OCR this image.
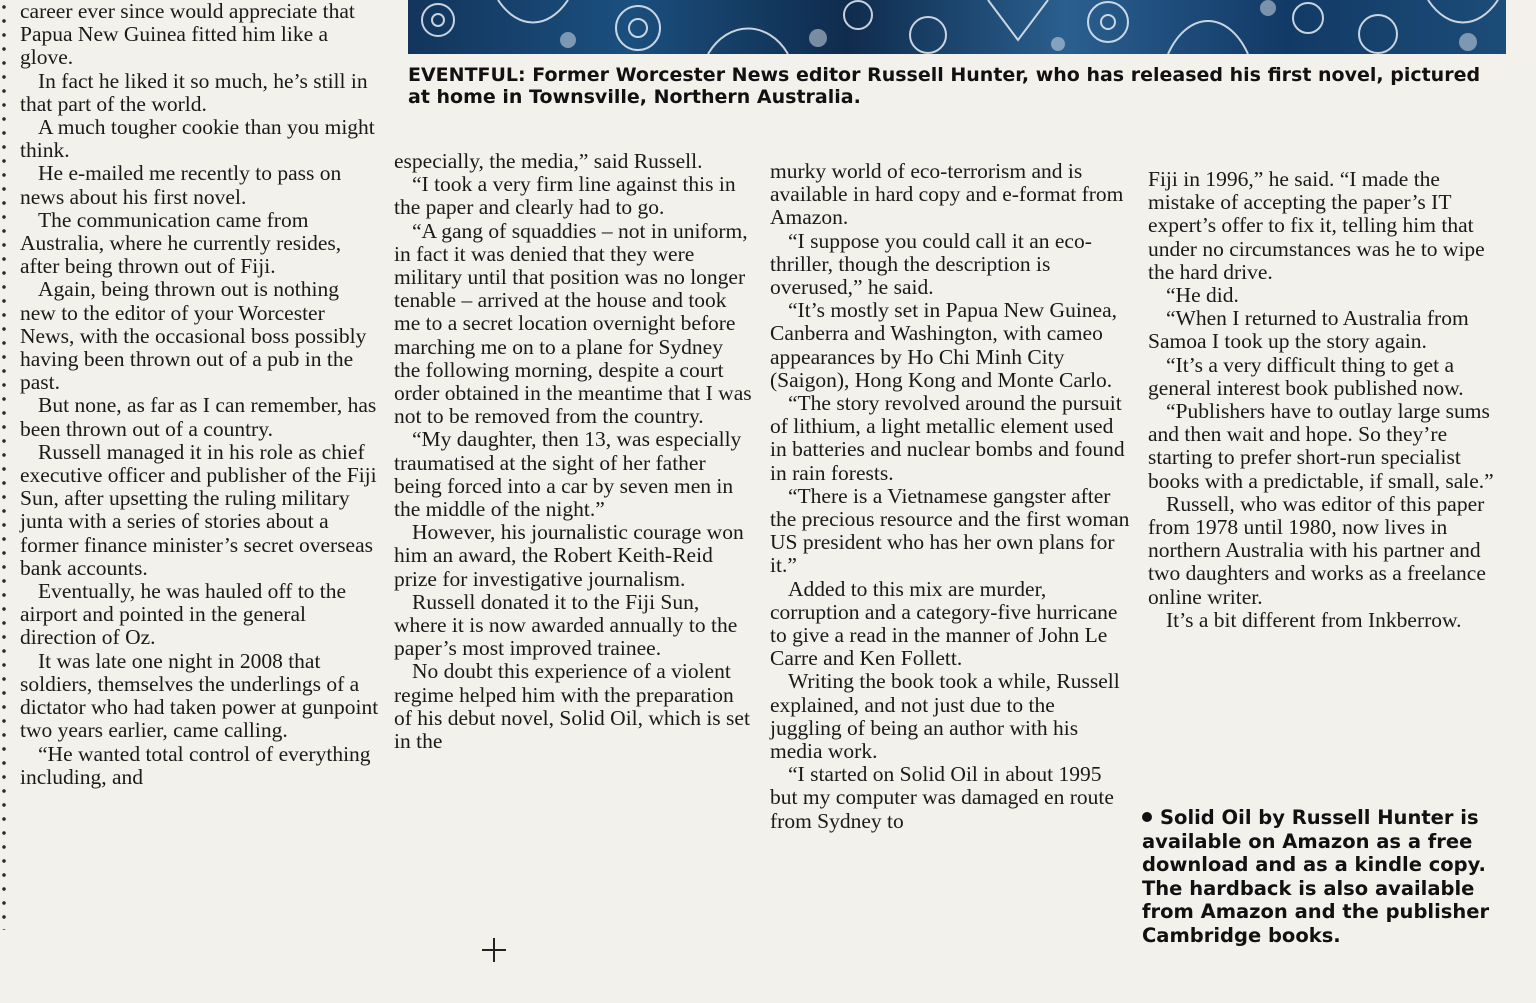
EVENTFUL: Former Worcester News editor Russell Hunter, who has released his first novel, pictured at home in Townsville, Northern Australia.

career ever since would appreciate that Papua New Guinea fitted him like a glove.

In fact he liked it so much, he’s still in that part of the world.

A much tougher cookie than you might think.

He e-mailed me recently to pass on news about his first novel.

The communication came from Australia, where he currently resides, after being thrown out of Fiji.

Again, being thrown out is nothing new to the editor of your Worcester News, with the occasional boss possibly having been thrown out of a pub in the past.

But none, as far as I can remember, has been thrown out of a country.

Russell managed it in his role as chief executive officer and publisher of the Fiji Sun, after upsetting the ruling military junta with a series of stories about a former finance minister’s secret overseas bank accounts.

Eventually, he was hauled off to the airport and pointed in the general direction of Oz.

It was late one night in 2008 that soldiers, themselves the underlings of a dictator who had taken power at gunpoint two years earlier, came calling.

“He wanted total control of everything including, and

especially, the media,” said Russell.

“I took a very firm line against this in the paper and clearly had to go.

“A gang of squaddies – not in uniform, in fact it was denied that they were military until that position was no longer tenable – arrived at the house and took me to a secret location overnight before marching me on to a plane for Sydney the following morning, despite a court order obtained in the meantime that I was not to be removed from the country.

“My daughter, then 13, was especially traumatised at the sight of her father being forced into a car by seven men in the middle of the night.”

However, his journalistic courage won him an award, the Robert Keith-Reid prize for investigative journalism.

Russell donated it to the Fiji Sun, where it is now awarded annually to the paper’s most improved trainee.

No doubt this experience of a violent regime helped him with the preparation of his debut novel, Solid Oil, which is set in the

murky world of eco-terrorism and is available in hard copy and e-format from Amazon.

“I suppose you could call it an eco-thriller, though the description is overused,” he said.

“It’s mostly set in Papua New Guinea, Canberra and Washington, with cameo appearances by Ho Chi Minh City (Saigon), Hong Kong and Monte Carlo.

“The story revolved around the pursuit of lithium, a light metallic element used in batteries and nuclear bombs and found in rain forests.

“There is a Vietnamese gangster after the precious resource and the first woman US president who has her own plans for it.”

Added to this mix are murder, corruption and a category-five hurricane to give a read in the manner of John Le Carre and Ken Follett.

Writing the book took a while, Russell explained, and not just due to the juggling of being an author with his media work.

“I started on Solid Oil in about 1995 but my computer was damaged en route from Sydney to

Fiji in 1996,” he said. “I made the mistake of accepting the paper’s IT expert’s offer to fix it, telling him that under no circumstances was he to wipe the hard drive.

“He did.

“When I returned to Australia from Samoa I took up the story again.

“It’s a very difficult thing to get a general interest book published now.

“Publishers have to outlay large sums and then wait and hope. So they’re starting to prefer short-run specialist books with a predictable, if small, sale.”

Russell, who was editor of this paper from 1978 until 1980, now lives in northern Australia with his partner and two daughters and works as a freelance online writer.

It’s a bit different from Inkberrow.

Solid Oil by Russell Hunter is available on Amazon as a free download and as a kindle copy. The hardback is also available from Amazon and the publisher Cambridge books.
